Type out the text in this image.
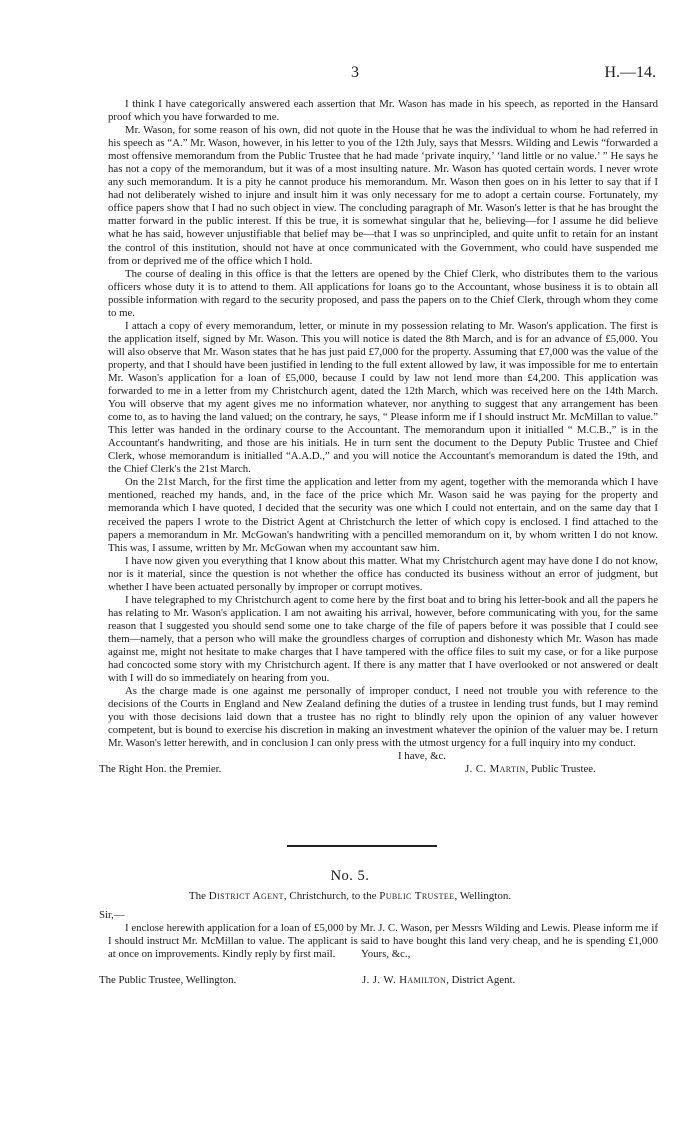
3	H.—14.

I think I have categorically answered each assertion that Mr. Wason has made in his speech, as reported in the Hansard proof which you have forwarded to me.

Mr. Wason, for some reason of his own, did not quote in the House that he was the individual to whom he had referred in his speech as “A.” Mr. Wason, however, in his letter to you of the 12th July, says that Messrs. Wilding and Lewis “forwarded a most offensive memorandum from the Public Trustee that he had made ‘private inquiry,’ ‘land little or no value.’ ” He says he has not a copy of the memorandum, but it was of a most insulting nature. Mr. Wason has quoted certain words. I never wrote any such memorandum. It is a pity he cannot produce his memorandum. Mr. Wason then goes on in his letter to say that if I had not deliberately wished to injure and insult him it was only necessary for me to adopt a certain course. Fortunately, my office papers show that I had no such object in view. The concluding paragraph of Mr. Wason's letter is that he has brought the matter forward in the public interest. If this be true, it is somewhat singular that he, believing—for I assume he did believe what he has said, however unjustifiable that belief may be—that I was so unprincipled, and quite unfit to retain for an instant the control of this institution, should not have at once communicated with the Government, who could have suspended me from or deprived me of the office which I hold.

The course of dealing in this office is that the letters are opened by the Chief Clerk, who distributes them to the various officers whose duty it is to attend to them. All applications for loans go to the Accountant, whose business it is to obtain all possible information with regard to the security proposed, and pass the papers on to the Chief Clerk, through whom they come to me.

I attach a copy of every memorandum, letter, or minute in my possession relating to Mr. Wason's application. The first is the application itself, signed by Mr. Wason. This you will notice is dated the 8th March, and is for an advance of £5,000. You will also observe that Mr. Wason states that he has just paid £7,000 for the property. Assuming that £7,000 was the value of the property, and that I should have been justified in lending to the full extent allowed by law, it was impossible for me to entertain Mr. Wason's application for a loan of £5,000, because I could by law not lend more than £4,200. This application was forwarded to me in a letter from my Christchurch agent, dated the 12th March, which was received here on the 14th March. You will observe that my agent gives me no information whatever, nor anything to suggest that any arrangement has been come to, as to having the land valued; on the contrary, he says, “ Please inform me if I should instruct Mr. McMillan to value.” This letter was handed in the ordinary course to the Accountant. The memorandum upon it initialled “ M.C.B.,” is in the Accountant's handwriting, and those are his initials. He in turn sent the document to the Deputy Public Trustee and Chief Clerk, whose memorandum is initialled “A.A.D.,” and you will notice the Accountant's memorandum is dated the 19th, and the Chief Clerk's the 21st March.

On the 21st March, for the first time the application and letter from my agent, together with the memoranda which I have mentioned, reached my hands, and, in the face of the price which Mr. Wason said he was paying for the property and memoranda which I have quoted, I decided that the security was one which I could not entertain, and on the same day that I received the papers I wrote to the District Agent at Christchurch the letter of which copy is enclosed. I find attached to the papers a memorandum in Mr. McGowan's handwriting with a pencilled memorandum on it, by whom written I do not know. This was, I assume, written by Mr. McGowan when my accountant saw him.

I have now given you everything that I know about this matter. What my Christchurch agent may have done I do not know, nor is it material, since the question is not whether the office has conducted its business without an error of judgment, but whether I have been actuated personally by improper or corrupt motives.

I have telegraphed to my Christchurch agent to come here by the first boat and to bring his letter-book and all the papers he has relating to Mr. Wason's application. I am not awaiting his arrival, however, before communicating with you, for the same reason that I suggested you should send some one to take charge of the file of papers before it was possible that I could see them—namely, that a person who will make the groundless charges of corruption and dishonesty which Mr. Wason has made against me, might not hesitate to make charges that I have tampered with the office files to suit my case, or for a like purpose had concocted some story with my Christchurch agent. If there is any matter that I have overlooked or not answered or dealt with I will do so immediately on hearing from you.

As the charge made is one against me personally of improper conduct, I need not trouble you with reference to the decisions of the Courts in England and New Zealand defining the duties of a trustee in lending trust funds, but I may remind you with those decisions laid down that a trustee has no right to blindly rely upon the opinion of any valuer however competent, but is bound to exercise his discretion in making an investment whatever the opinion of the valuer may be. I return Mr. Wason's letter herewith, and in conclusion I can only press with the utmost urgency for a full inquiry into my conduct.

I have, &c.
The Right Hon. the Premier.	J. C. Martin, Public Trustee.
No. 5.
The District Agent, Christchurch, to the Public Trustee, Wellington.

Sir,—

I enclose herewith application for a loan of £5,000 by Mr. J. C. Wason, per Messrs Wilding and Lewis. Please inform me if I should instruct Mr. McMillan to value. The applicant is said to have bought this land very cheap, and he is spending £1,000 at once on improvements. Kindly reply by first mail.	Yours, &c.,
The Public Trustee, Wellington.	J. J. W. Hamilton, District Agent.
